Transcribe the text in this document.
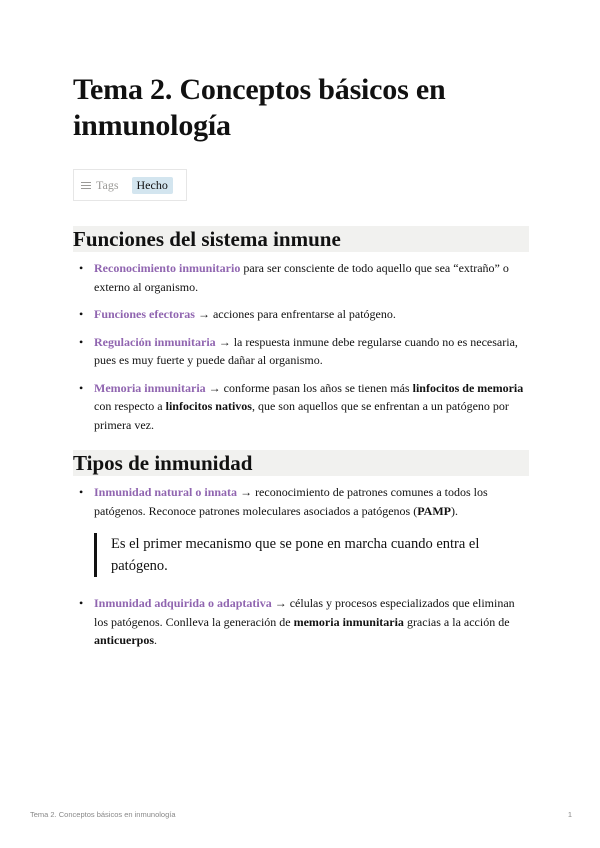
Tema 2. Conceptos básicos en inmunología
Tags	Hecho
Funciones del sistema inmune
• Reconocimiento inmunitario para ser consciente de todo aquello que sea “extraño” o externo al organismo.
• Funciones efectoras → acciones para enfrentarse al patógeno.
• Regulación inmunitaria → la respuesta inmune debe regularse cuando no es necesaria, pues es muy fuerte y puede dañar al organismo.
• Memoria inmunitaria → conforme pasan los años se tienen más linfocitos de memoria con respecto a linfocitos nativos, que son aquellos que se enfrentan a un patógeno por primera vez.
Tipos de inmunidad
• Inmunidad natural o innata → reconocimiento de patrones comunes a todos los patógenos. Reconoce patrones moleculares asociados a patógenos (PAMP).
Es el primer mecanismo que se pone en marcha cuando entra el patógeno.
• Inmunidad adquirida o adaptativa → células y procesos especializados que eliminan los patógenos. Conlleva la generación de memoria inmunitaria gracias a la acción de anticuerpos.
Tema 2. Conceptos básicos en inmunología	1
